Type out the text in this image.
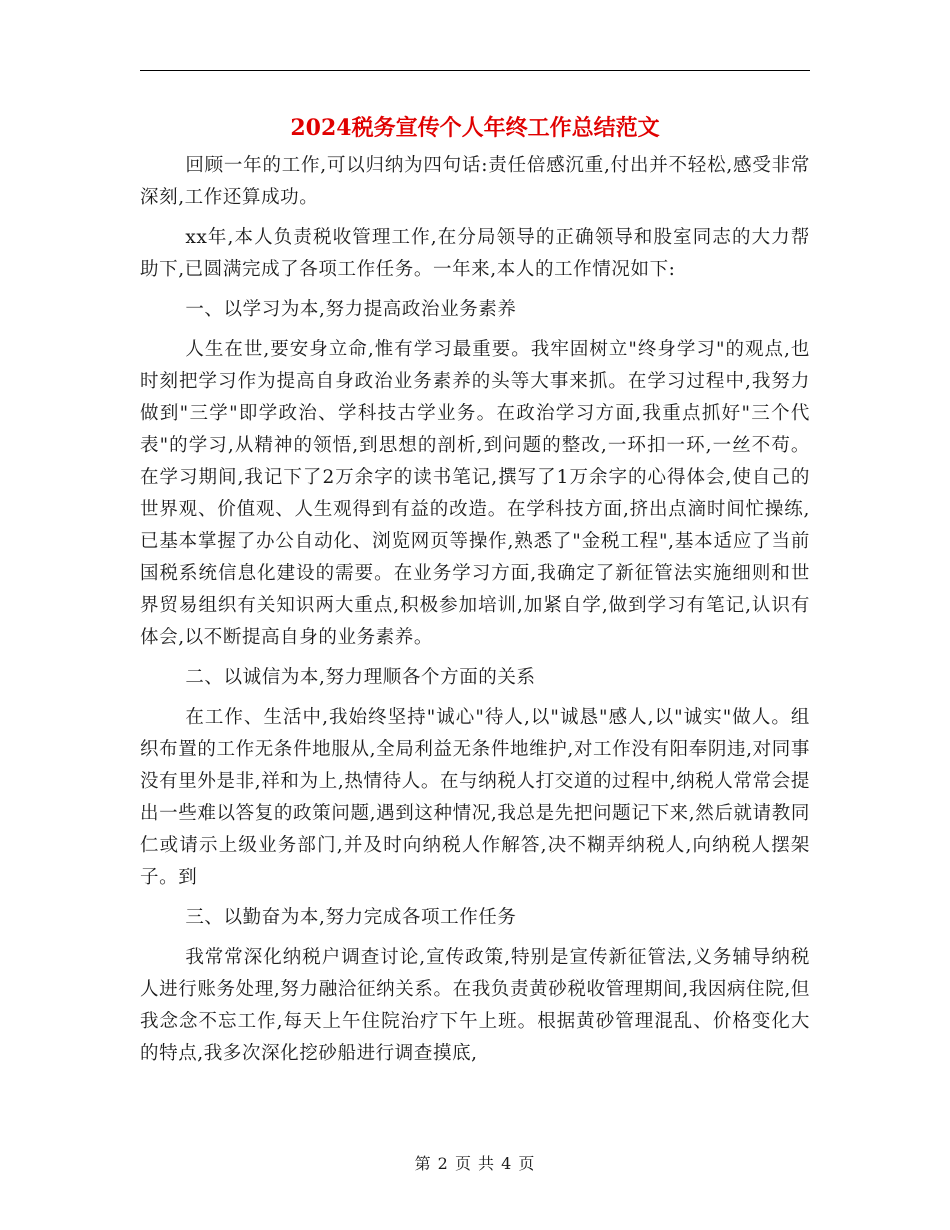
2024税务宣传个人年终工作总结范文

回顾一年的工作,可以归纳为四句话:责任倍感沉重,付出并不轻松,感受非常深刻,工作还算成功。

xx年,本人负责税收管理工作,在分局领导的正确领导和股室同志的大力帮助下,已圆满完成了各项工作任务。一年来,本人的工作情况如下:

一、以学习为本,努力提高政治业务素养

人生在世,要安身立命,惟有学习最重要。我牢固树立"终身学习"的观点,也时刻把学习作为提高自身政治业务素养的头等大事来抓。在学习过程中,我努力做到"三学"即学政治、学科技古学业务。在政治学习方面,我重点抓好"三个代表"的学习,从精神的领悟,到思想的剖析,到问题的整改,一环扣一环,一丝不苟。在学习期间,我记下了2万余字的读书笔记,撰写了1万余字的心得体会,使自己的世界观、价值观、人生观得到有益的改造。在学科技方面,挤出点滴时间忙操练,已基本掌握了办公自动化、浏览网页等操作,熟悉了"金税工程",基本适应了当前国税系统信息化建设的需要。在业务学习方面,我确定了新征管法实施细则和世界贸易组织有关知识两大重点,积极参加培训,加紧自学,做到学习有笔记,认识有体会,以不断提高自身的业务素养。

二、以诚信为本,努力理顺各个方面的关系

在工作、生活中,我始终坚持"诚心"待人,以"诚恳"感人,以"诚实"做人。组织布置的工作无条件地服从,全局利益无条件地维护,对工作没有阳奉阴违,对同事没有里外是非,祥和为上,热情待人。在与纳税人打交道的过程中,纳税人常常会提出一些难以答复的政策问题,遇到这种情况,我总是先把问题记下来,然后就请教同仁或请示上级业务部门,并及时向纳税人作解答,决不糊弄纳税人,向纳税人摆架子。到

三、以勤奋为本,努力完成各项工作任务

我常常深化纳税户调查讨论,宣传政策,特别是宣传新征管法,义务辅导纳税人进行账务处理,努力融洽征纳关系。在我负责黄砂税收管理期间,我因病住院,但我念念不忘工作,每天上午住院治疗下午上班。根据黄砂管理混乱、价格变化大的特点,我多次深化挖砂船进行调查摸底,

第 2 页 共 4 页
